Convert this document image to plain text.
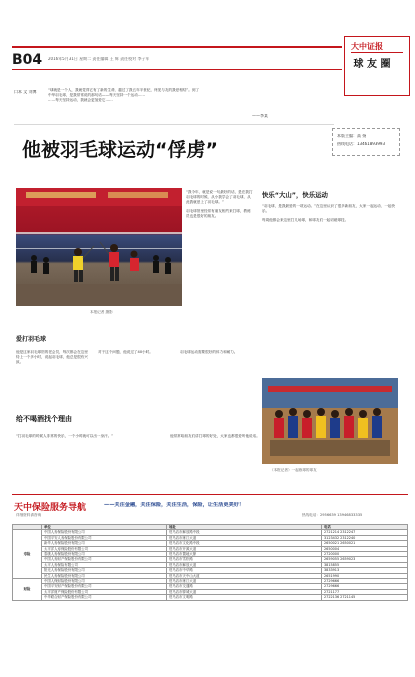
B04 2016年5月31日 星期二 责任编辑 王 辉 责任校对 李子军
大中证报
球 友 圈
口本 文 刘博	“球就是一个人，我就觉得它有了新的生命，越过了我五年半世纪，终见与友的我爱相结”。到了
中华羽毛球，是我常常说的那句话——每天坚持一个运动……
……每天坚持运动，我就会更加爱它……
——李某
本版主编：高 扬
热线电话：13461893993
他被羽毛球运动“俘虏”
本报记者 摄影
“我今年，就是说一句最好的话，是在我打羽毛球的时候，从小我学会了羽毛球，从此我就爱上了羽毛球。”
羽毛球馆里经常有朋友相约来打球，教练员也是很好的朋友。
爱打羽毛球
他是这家羽毛球馆的老会员，每次都会在这里待上一个多小时，说起羽毛球，他总是很有兴致。
对于这个问题，他说过了40小时。	羽毛球运动需要很好的体力和耐力。
给不喝酒找个理由
“打羽毛球的时候人非常的快乐，一个小时就可以出一身汗。”	他常常给朋友们讲打球的好处，大家也都很爱听他说话。
快乐“大山”，快乐运动
“羽毛球，是我最爱的一项运动。”在这里认识了很多新朋友，大家一起运动、一起快乐。
每周他都会来这里打几场球，和球友们一起切磋球技。
（本报记者）一起练球的球友
天中保险服务导航	——关注金融，关注保险，关注生活，保险，让生活更美好！
详细资料请咨询	热线电话：2956639 13946833335
	单位	地址	电话
寿险	中国人寿保险股份有限公司	驻马店市解放路中段	2721214 2312247
	中国平安人寿保险股份有限公司	驻马店市练江大道	3123432 2312240
	新华人寿保险股份有限公司	驻马店市文化路中段	2650021 2650021
	太平洋人寿保险股份有限公司	驻马店市开源大道	2650004
	泰康人寿保险股份有限公司	驻马店市置地大厦	2720000
	中国人寿财产保险股份有限公司	驻马店市雪松路	2659055 2659023
	太平人寿保险有限公司	驻马店市解放大道	3815855
	阳光人寿保险股份有限公司	驻马店市中华路	3833913
	民生人寿保险股份有限公司	驻马店市天中山大道	2651990
财险	中国人保财险股份有限公司	驻马店市练江大道	2729666
	中国平安财产保险股份有限公司	驻马店市交通路	2729666
	太平洋财产保险股份有限公司	驻马店市驿城大道	2721177
	中华联合财产保险股份有限公司	驻马店市文明路	2722136 2721145
